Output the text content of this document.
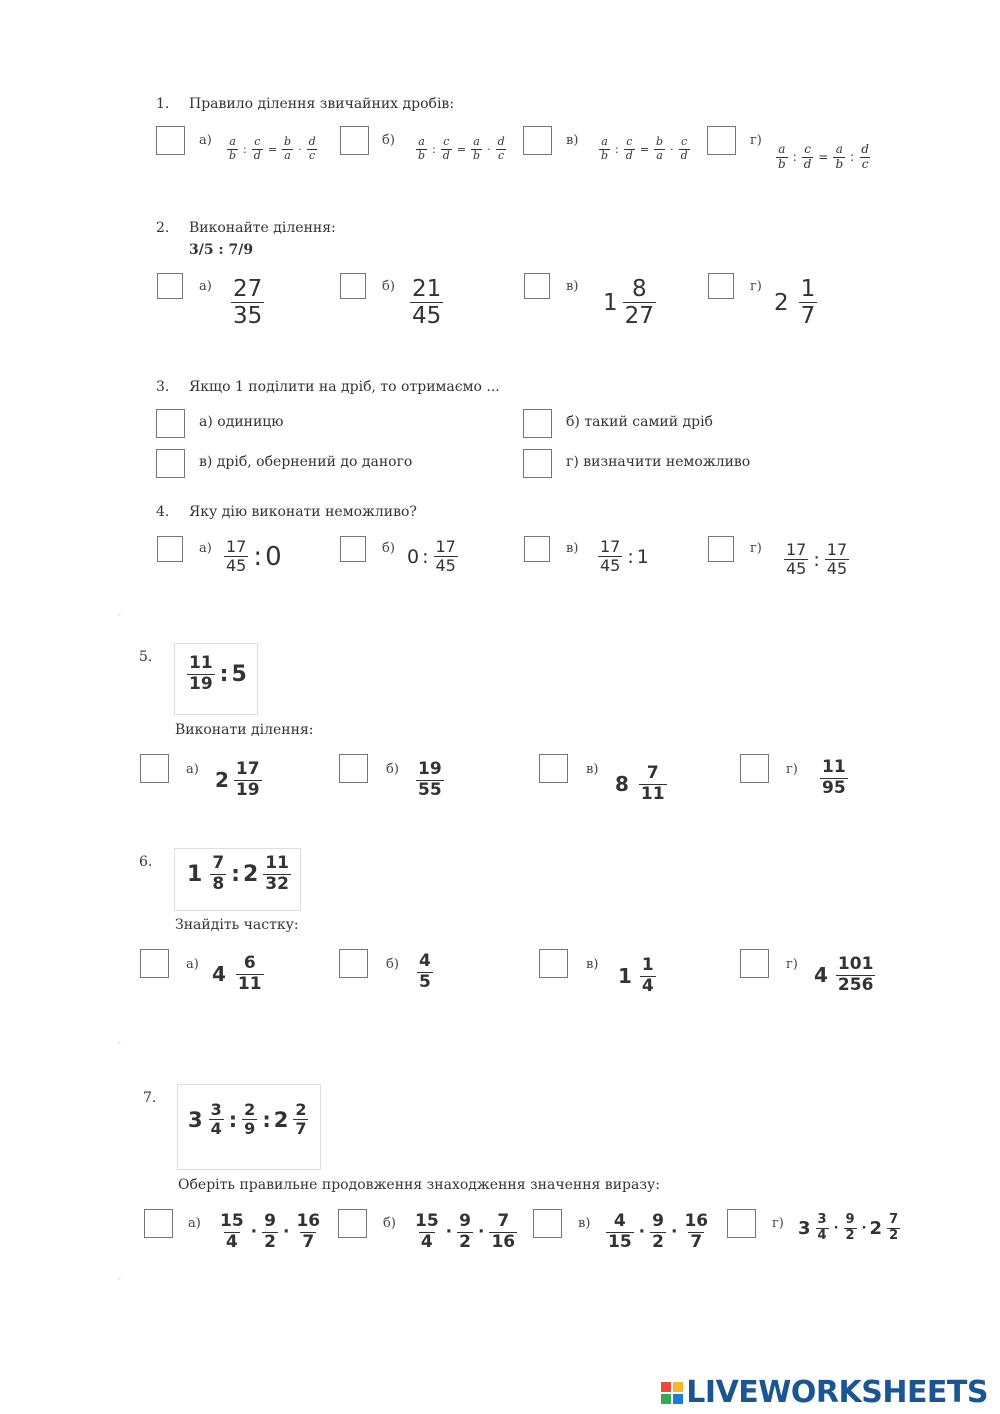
1. Правило ділення звичайних дробів:
$а) \frac{a}{b}$ : $\frac{c}{d} = \frac{b}{a} \cdot \frac{d}{c}$	$б) \frac{a}{b}$ : $\frac{c}{d} = \frac{a}{b} \cdot \frac{d}{c}$	$в) \frac{a}{b}$ : $\frac{c}{d} = \frac{b}{a} \cdot \frac{c}{d}$	г)
$\frac{a}{b}$ : $\frac{c}{d} = \frac{a}{b}$ : $\frac{d}{c}$
2. Виконайте ділення:
3/5 : 7/9
$а) \frac{27}{35}$	$б) \frac{21}{45}$	в)
$1 \frac{8}{27}$	г)
$2 \frac{1}{7}$
3. Якщо 1 поділити на дріб, то отримаємо ...
а) одиницю	б) такий самий дріб
в) дріб, обернений до даного	г) визначити неможливо
4. Яку дію виконати неможливо?
$а) \frac{17}{45}$ : 0	б) 0 : $\frac{17}{45}$	$в) \frac{17}{45}$ : 1	$г) \frac{17}{45}$ : $\frac{17}{45}$
-
5. $\frac{11}{19}$ : 5
Виконати ділення:
а) $2 \frac{17}{19}$	$б) \frac{19}{55}$	в)
$8 \frac{7}{11}$	$г) \frac{11}{95}$
6. $1 \frac{7}{8}$ : $2 \frac{11}{32}$
Знайдіть частку:
а) $4 \frac{6}{11}$	$б) \frac{4}{5}$	в) $1 \frac{1}{4}$	г) $4 \frac{101}{256}$
-
7.
$3 \frac{3}{4}$ : $\frac{2}{9}$ : $2 \frac{2}{7}$
Оберіть правильне продовження знаходження значення виразу:
$а) \frac{15}{4} \cdot \frac{9}{2} \cdot \frac{16}{7}$	$б) \frac{15}{4} \cdot \frac{9}{2} \cdot \frac{7}{16}$	$в) \frac{4}{15} \cdot \frac{9}{2} \cdot \frac{16}{7}$	г) $3 \frac{3}{4} \cdot \frac{9}{2} \cdot 2 \frac{7}{2}$
-
LIVEWORKSHEETS
